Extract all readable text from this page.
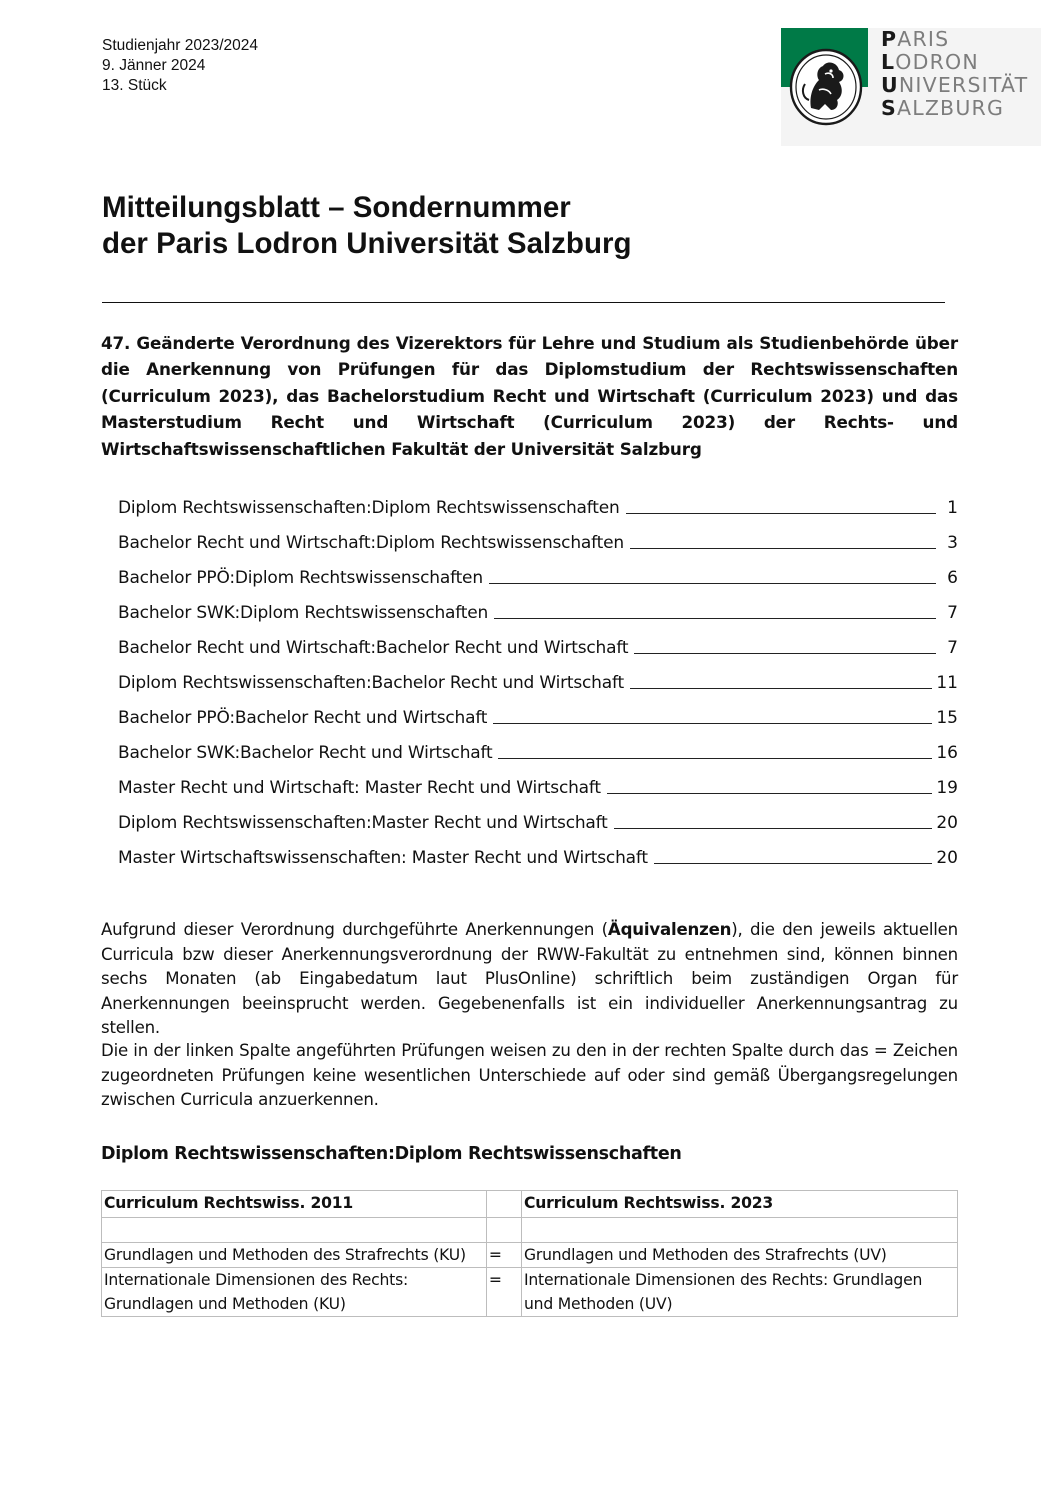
Studienjahr 2023/2024
9. Jänner 2024
13. Stück
PARIS
LODRON
UNIVERSITÄT
SALZBURG
Mitteilungsblatt – Sondernummer
der Paris Lodron Universität Salzburg
47. Geänderte Verordnung des Vizerektors für Lehre und Studium als Studienbehörde über die Anerkennung von Prüfungen für das Diplomstudium der Rechtswissenschaften (Curriculum 2023), das Bachelorstudium Recht und Wirtschaft (Curriculum 2023) und das Masterstudium Recht und Wirtschaft (Curriculum 2023) der Rechts- und Wirtschaftswissenschaftlichen Fakultät der Universität Salzburg
Diplom Rechtswissenschaften:Diplom Rechtswissenschaften	1
Bachelor Recht und Wirtschaft:Diplom Rechtswissenschaften	3
Bachelor PPÖ:Diplom Rechtswissenschaften	6
Bachelor SWK:Diplom Rechtswissenschaften	7
Bachelor Recht und Wirtschaft:Bachelor Recht und Wirtschaft	7
Diplom Rechtswissenschaften:Bachelor Recht und Wirtschaft	11
Bachelor PPÖ:Bachelor Recht und Wirtschaft	15
Bachelor SWK:Bachelor Recht und Wirtschaft	16
Master Recht und Wirtschaft: Master Recht und Wirtschaft	19
Diplom Rechtswissenschaften:Master Recht und Wirtschaft	20
Master Wirtschaftswissenschaften: Master Recht und Wirtschaft	20
Aufgrund dieser Verordnung durchgeführte Anerkennungen (Äquivalenzen), die den jeweils aktuellen Curricula bzw dieser Anerkennungsverordnung der RWW-Fakultät zu entnehmen sind, können binnen sechs Monaten (ab Eingabedatum laut PlusOnline) schriftlich beim zuständigen Organ für Anerkennungen beeinsprucht werden. Gegebenenfalls ist ein individueller Anerkennungsantrag zu stellen.
Die in der linken Spalte angeführten Prüfungen weisen zu den in der rechten Spalte durch das = Zeichen zugeordneten Prüfungen keine wesentlichen Unterschiede auf oder sind gemäß Übergangsregelungen zwischen Curricula anzuerkennen.
Diplom Rechtswissenschaften:Diplom Rechtswissenschaften
Curriculum Rechtswiss. 2011		Curriculum Rechtswiss. 2023

Grundlagen und Methoden des Strafrechts (KU)	=	Grundlagen und Methoden des Strafrechts (UV)
Internationale Dimensionen des Rechts: Grundlagen und Methoden (KU)	=	Internationale Dimensionen des Rechts: Grundlagen und Methoden (UV)
